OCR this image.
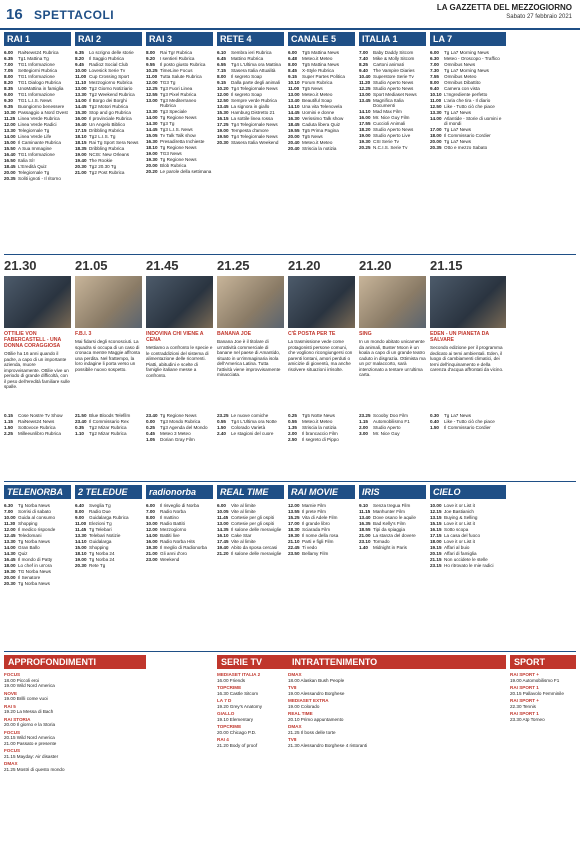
16 SPETTACOLI
LA GAZZETTA DEL MEZZOGIORNO
Sabato 27 febbraio 2021
RAI 1
6.00	RaiNews24 Rubrica
6.35	Tg1 Mattina Tg
7.00	TG1 Informazione
7.05	Settegiorni Rubrica
8.00	TG1 Informazione
8.20	TG1 Dialogo Rubrica
8.35	UnoMattina in famiglia
9.00	TG1 Informazione
9.30	TG1 L.I.S. News
9.35	Buongiorno benessere
10.30 Passaggio a Nord Ovest
11.25 Linea Verde Rubrica
12.00 Linea Verde Radici
13.30 Telegiornale Tg
14.00 Linea Verde Life
15.00 Il Caminante Rubrica
15.50 A Sua Immagine
16.40 TG1 Informazione
16.50 Italia Sì!
18.45 L'Eredità Quiz
20.00 Telegiornale Tg
20.35 Soliti ignoti - Il ritorno
RAI 2
6.35	Lo scrigno delle storie
8.20	Il Saggio Rubrica
9.45	Radio2 Social Club
10.00 Lovesick Serie Tv
11.00 Cup Crossing Sport
11.10 Mezzogiorno Rubrica
13.00 Tg2 Giorno Notiziario
13.30 Tg2 Weekend Rubrica
14.00 Il Borgo dei Borghi
14.45 Tg2 Motori Rubrica
15.30 Stop and go Rubrica
16.00 Il provinciale Rubrica
16.40 Un Angelo Biblico
17.15 Dribbling Rubrica
18.10 Tg2 L.I.S. Tg
18.15 Rai Tg Sport Sera News
18.35 Dribbling Rubrica
19.00 NCIS: New Orleans
19.40 The Rookie
20.30 Tg2 20.30 Tg
21.00 Tg2 Post Rubrica
RAI 3
8.00	Rai Tgr Rubrica
9.20	I sentieri Rubrica
9.55	Il posto giusto Rubrica
10.25 TimeLine Focus
11.00 Tutta Salute Rubrica
12.00 TG3 Tg
12.25 Tg3 Fuori Linea
12.55 Tg3 Pixel Rubrica
13.00 Tg3 Mediterraneo Rubrica
13.30 Tg3 Speciale
14.00 Tg Regione News
14.30 Tg3 Tg
14.45 Tg3 L.I.S. News
15.05 Tv Talk Talk show
16.30 Presadiretta Inchieste
18.10 Tg Regione News
19.00 TG3 News
19.30 Tg Regione News
20.00 Blob Rubrica
20.20 Le parole della settimana
RETE 4
6.10	Sembra ieri Rubrica
6.45	Mattino Rubrica
6.55	Tg4 L'Ultima ora Mattina
7.15	Stasera Italia Attualità
8.00	Il segreto Soap
9.15	Dalla parte degli animali
10.20 Tg4 Telegiornale News
12.00 Il segreto Soap
12.50 Sempre verde Rubrica
13.45 La signora in giallo
15.30 Hamburg Distretto 21
16.15 La sottile linea rossa
17.25 Tg4 Telegiornale News
19.00 Tempesta d'amore
19.50 Tg4 Telegiornale News
20.30 Stasera Italia Weekend
CANALE 5
6.00	Tg5 Mattina News
6.48	Meteo.it Meteo
8.00	Tg5 Mattina News
8.45	X-Style Rubrica
9.15	Super Partes Politica
10.10 Forum Rubrica
11.00 Tg5 News
13.00 Meteo.it Meteo
13.40 Beautiful Soap
14.10 Una vita Telenovela
14.45 Uomini e donne
16.30 Verissimo Talk show
18.45 Caduta libera Quiz
19.55 Tg5 Prima Pagina
20.00 Tg5 News
20.40 Meteo.it Meteo
20.40 Striscia la notizia
ITALIA 1
7.00	Baby Daddy Sitcom
7.40	Mike & Molly Sitcom
8.25	Cartoni animati
9.40	The Vampire Diaries
10.40 Superstore Serie Tv
11.20 Studio Aperto News
12.25 Studio Aperto News
13.00 Sport Mediaset News
13.45 Magnifica Italia Documenti
14.10 Mad Max Film
16.00 Mr. Nice Guy Film
17.55 Cuccioli Animali
18.20 Studio Aperto News
19.00 Studio Aperto Live
19.30 CSI Serie Tv
20.25 N.C.I.S. Serie Tv
LA 7
6.00	Tg La7 Morning News
6.30	Meteo - Oroscopo - Traffico
7.00	Omnibus News
7.30	Tg La7 Morning News
7.55	Omnibus Meteo
8.00	Omnibus Dibattito
9.40	Camera con vista
10.10 L'Ingrediente perfetto
11.00 L'aria che tira - Il diario
12.50 Like - Tutto ciò che piace
13.30 Tg La7 News
14.00 Atlantide - Storie di uomini e di mondi
17.00 Tg La7 News
18.00 Il Commissario Cordier
20.00 Tg La7 News
20.35 Otto e mezzo Sabato
21.30
OTTILIE VON FABERCASTELL - UNA DONNA CORAGGIOSA
Ottilie ha 16 anni quando il padre, a capo di un importante azienda, muore improvvisamente. Ottilie vive un periodo di grande difficoltà, con il peso dell'eredità familiare sulle spalle.
21.05
F.B.I. 3
Mai fidarsi degli sconosciuti. La squadra si occupa di un caso di cronaca mentre Maggie affronta una perdita. Nel frattempo, la loro indagine li porta verso un possibile nuovo sospetto.
21.45
INDOVINA CHI VIENE A CENA
Mettiamo a confronto le specie e le contraddizioni del sistema di alimentazione delle ricorrenti. Piatti, abitudini e scelte di famiglie italiane messe a confronto.
21.25
BANANA JOE
Banana Joe è il titolare di un'attività commerciale di banane nel paese di Amantido, situato in un'immaginaria isola dell'America Latina. Tutta l'attività viene improvvisamente minacciata.
21.20
C'È POSTA PER TE
La trasmissione vede come protagonisti persone comuni, che vogliono ricongiungersi con parenti lontani, amori perduti o amicizie di gioventù, ma anche risolvere situazioni irrisolte.
21.20
SING
In un mondo abitato unicamente da animali, Buster Moon è un koala a capo di un grande teatro caduto in disgrazia. Ottimista ma un po' malaccorto, sarà intenzionato a tentare un'ultima carta.
21.15
EDEN - UN PIANETA DA SALVARE
Secondo edizione per il programma dedicato ai temi ambientali. Eden, il luogo di cambiamenti climatici, dei temi dell'inquinamento e della carenza d'acqua affrontati da vicino.
0.15	Cose Nostre Tv Show
1.15	RaiNews24 News
1.50	Sottovoce Rubrica
2.25	Milleeunlibro Rubrica
21.50 Blue Bloods Telefilm
23.40 Il Commissario Rex
0.35	Tg2 Mizar Rubrica
1.10	Tg2 Mizar Rubrica
23.40 Tg Regione News
0.00	Tg3 Mondo Rubrica
0.25	Tg3 Agenda del Mondo
0.45	Meteo 3 Meteo
1.05	Dorian Gray Film
23.25 Le nuove comiche
0.55	Tg4 L'Ultima ora Notte
1.50	Colorado Varietà
2.40	Le stagioni del cuore
0.25	Tg5 Notte News
0.55	Meteo.it Meteo
1.35	Striscia la notizia
2.00	Il brancaccio Film
2.50	Il segreto di Pippo
23.25 Scooby Doo Film
1.15	Automobilismo F1
2.00	Studio Aperto
3.00	Mr. Nice Guy
0.30	Tg La7 News
0.40	Like - Tutto ciò che piace
1.50	Il Commissario Cordier
TELENORBA
6.30	Tg Norba News
7.00	Sorrisi di sabato
10.00 Guida al consumo
11.30 Shopping
12.00 Il medico risponde
12.45 Teledomani
13.30 Tg Norba News
14.00 Gran Ballo
14.30 Quiz
16.45 Il mondo di Patty
18.00 Lo chef in un'ora
19.30 TG Norba News
20.00 Il Senatore
20.30 Tg Norba News
2 TELEDUE
6.40	Sveglia Tg
8.00	Radio Due
9.00	Guidalarga Rubrica
11.00 Elezioni Tg
11.45 Tg Telebari
13.30 Telebari Notizie
14.10 Guidalarga
15.00 Shopping
18.10 Tg Norba 24
19.00 Tg Norba 24
20.30 Rete Tg
radionorba
6.00	Il risveglio di Norba
7.00	Radio Norba
8.00	Il mattino
10.00 Radio Battiti
12.00 Mezzogiorno
14.00 Battiti live
16.00 Radio Norba Hits
19.30 Il meglio di Radionorba
21.00 Gli anni d'oro
23.00 Weekend
REAL TIME
6.00	Vite al limite
10.05 Vite al limite
11.45 Cortesie per gli ospiti
13.00 Cortesie per gli ospiti
14.35 Il salone delle meraviglie
16.10 Cake Star
17.45 Vite al limite
19.40 Abito da sposa cercasi
21.20 Il salone delle meraviglie
RAI MOVIE
12.00 Marnie Film
13.55 Il prete Film
15.25 Vita di Adele Film
17.00 Il grande libro
18.30 Sciarada Film
19.30 Il nome della rosa
21.10 Parti e figli Film
22.45 Ti vedo
23.50 Bellamy Film
IRIS
9.10	Senza tregua Film
11.15 Manhunter Film
13.40 Dove osano le aquile
16.35 Bad Kelly's Film
18.55 Tipi da spiaggia
21.00 La stanza del dovere
23.10 Tornado
1.40	Midnight in Paris
CIELO
10.00 Love it or List it
12.15 Joe Bastianich
13.15 Buying & Selling
15.15 Love it or List it
16.15 Sotto scopa
17.15 La casa del fuoco
18.00 Love it or List it
19.15 Affari al buio
20.15 Affari di famiglia
21.15 Non uccidete le stelle
23.15 Ho ritrovato le mie radici
APPROFONDIMENTI
FOCUS
18.00 Piccoli eroi
19.00 Wild Nord America
NOVE
19.00 Brilli come vuoi
RAI 5
19.20 La Messa di Bach
RAI STORIA
20.00 Il giorno e la Storia
FOCUS
20.15 Wild Nord America
21.00 Passato e presente
FOCUS
21.15 Mayday: Air disaster
DMAX
21.25 Mostri di questo mondo
SERIE TV
MEDIASET ITALIA 2
16.00 Friends
TOPCRIME
16.30 Castle Sitcom
LA 7 D
19.20 Grey's Anatomy
GIALLO
19.10 Elementary
TOPCRIME
20.00 Chicago P.D.
RAI 4
21.20 Body of proof
INTRATTENIMENTO
DMAX
18.00 Alaskan Bush People
TV8
19.00 Alessandro Borghese
MEDIASET EXTRA
19.00 Colorado
REAL TIME
20.10 Primo appuntamento
DMAX
21.25 Il boss delle torte
TV8
21.30 Alessandro Borghese 4 ristoranti
SPORT
RAI SPORT +
19.00 Automobilismo F1
RAI SPORT 1
20.15 Pallavolo Femminile
RAI SPORT +
22.30 Tennis
RAI SPORT 1
23.30 Atp Torneo
